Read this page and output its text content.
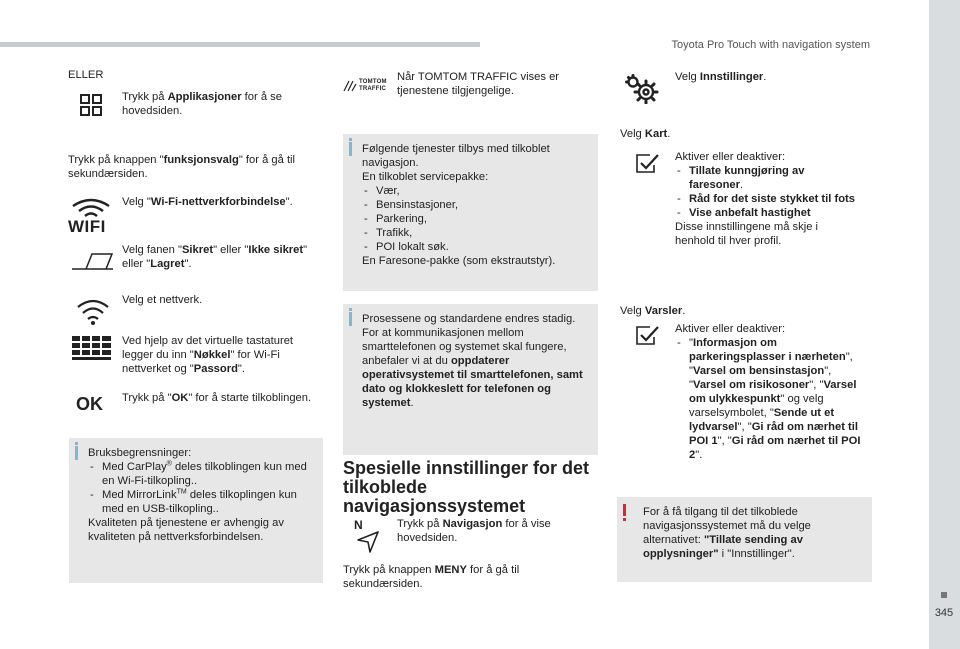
Toyota Pro Touch with navigation system
345
ELLER
Trykk på Applikasjoner for å se hovedsiden.
Trykk på knappen "funksjonsvalg" for å gå til sekundærsiden.
WIFI
Velg "Wi-Fi-nettverkforbindelse".
Velg fanen "Sikret" eller "Ikke sikret" eller "Lagret".
Velg et nettverk.
Ved hjelp av det virtuelle tastaturet legger du inn "Nøkkel" for Wi-Fi nettverket og "Passord".
OK Trykk på "OK" for å starte tilkoblingen.
Bruksbegrensninger:
- Med CarPlay® deles tilkoblingen kun med en Wi-Fi-tilkopling..
- Med MirrorLink™ deles tilkoplingen kun med en USB-tilkopling..
Kvaliteten på tjenestene er avhengig av kvaliteten på nettverksforbindelsen.
TOMTOM
TRAFFIC
Når TOMTOM TRAFFIC vises er tjenestene tilgjengelige.
Følgende tjenester tilbys med tilkoblet navigasjon.
En tilkoblet servicepakke:
- Vær,
- Bensinstasjoner,
- Parkering,
- Trafikk,
- POI lokalt søk.
En Faresone-pakke (som ekstrautstyr).
Prosessene og standardene endres stadig. For at kommunikasjonen mellom smarttelefonen og systemet skal fungere, anbefaler vi at du oppdaterer operativsystemet til smarttelefonen, samt dato og klokkeslett for telefonen og systemet.
Spesielle innstillinger for det tilkoblede navigasjonssystemet
N	Trykk på Navigasjon for å vise hovedsiden.
Trykk på knappen MENY for å gå til sekundærsiden.
Velg Innstillinger.
Velg Kart.
Aktiver eller deaktiver:
- Tillate kunngjøring av faresoner.
- Råd for det siste stykket til fots
- Vise anbefalt hastighet
Disse innstillingene må skje i henhold til hver profil.
Velg Varsler.
Aktiver eller deaktiver:
- "Informasjon om parkeringsplasser i nærheten", "Varsel om bensinstasjon", "Varsel om risikosoner", "Varsel om ulykkespunkt" og velg varselsymbolet, "Sende ut et lydvarsel", "Gi råd om nærhet til POI 1", "Gi råd om nærhet til POI 2".
For å få tilgang til det tilkoblede navigasjonssystemet må du velge alternativet: "Tillate sending av opplysninger" i "Innstillinger".
